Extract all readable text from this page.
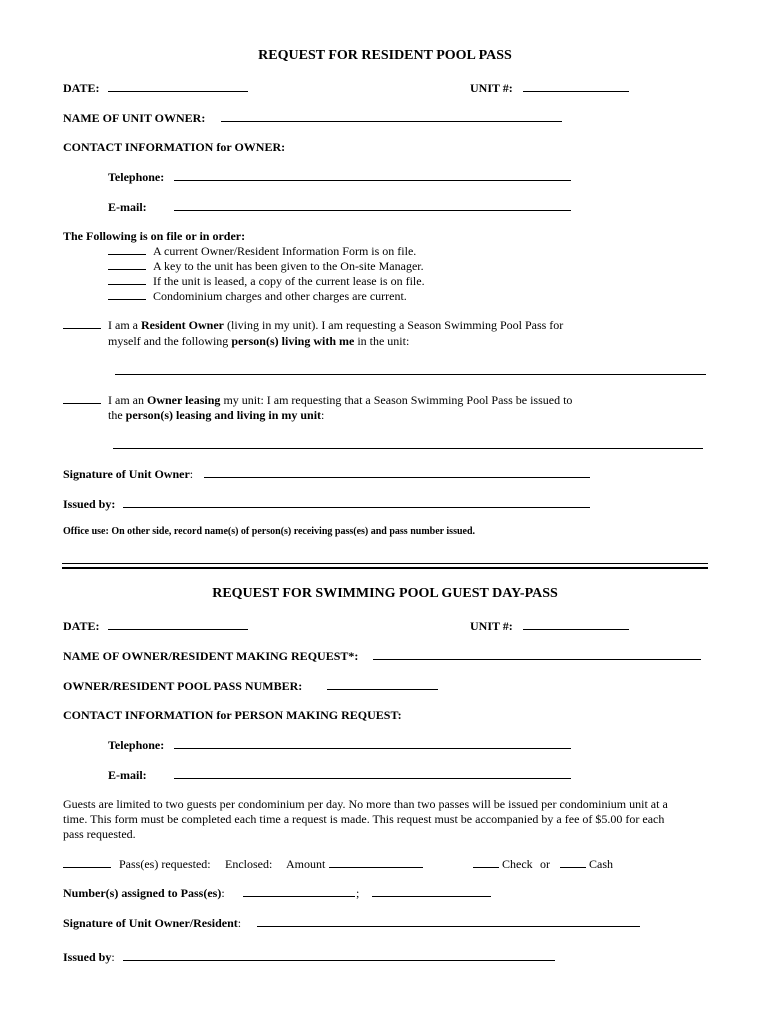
REQUEST FOR RESIDENT POOL PASS
DATE:	UNIT #:
NAME OF UNIT OWNER:
CONTACT INFORMATION for OWNER:
Telephone:
E-mail:
The Following is on file or in order:
A current Owner/Resident Information Form is on file.
A key to the unit has been given to the On-site Manager.
If the unit is leased, a copy of the current lease is on file.
Condominium charges and other charges are current.
I am a Resident Owner (living in my unit). I am requesting a Season Swimming Pool Pass for
myself and the following person(s) living with me in the unit:
I am an Owner leasing my unit: I am requesting that a Season Swimming Pool Pass be issued to
the person(s) leasing and living in my unit:
Signature of Unit Owner:
Issued by:
Office use: On other side, record name(s) of person(s) receiving pass(es) and pass number issued.
REQUEST FOR SWIMMING POOL GUEST DAY-PASS
DATE:	UNIT #:
NAME OF OWNER/RESIDENT MAKING REQUEST*:
OWNER/RESIDENT POOL PASS NUMBER:
CONTACT INFORMATION for PERSON MAKING REQUEST:
Telephone:
E-mail:
Guests are limited to two guests per condominium per day. No more than two passes will be issued per condominium unit at a
time. This form must be completed each time a request is made. This request must be accompanied by a fee of $5.00 for each
pass requested.
Pass(es) requested: Enclosed: Amount	Check or	Cash
Number(s) assigned to Pass(es):	;
Signature of Unit Owner/Resident:
Issued by:
